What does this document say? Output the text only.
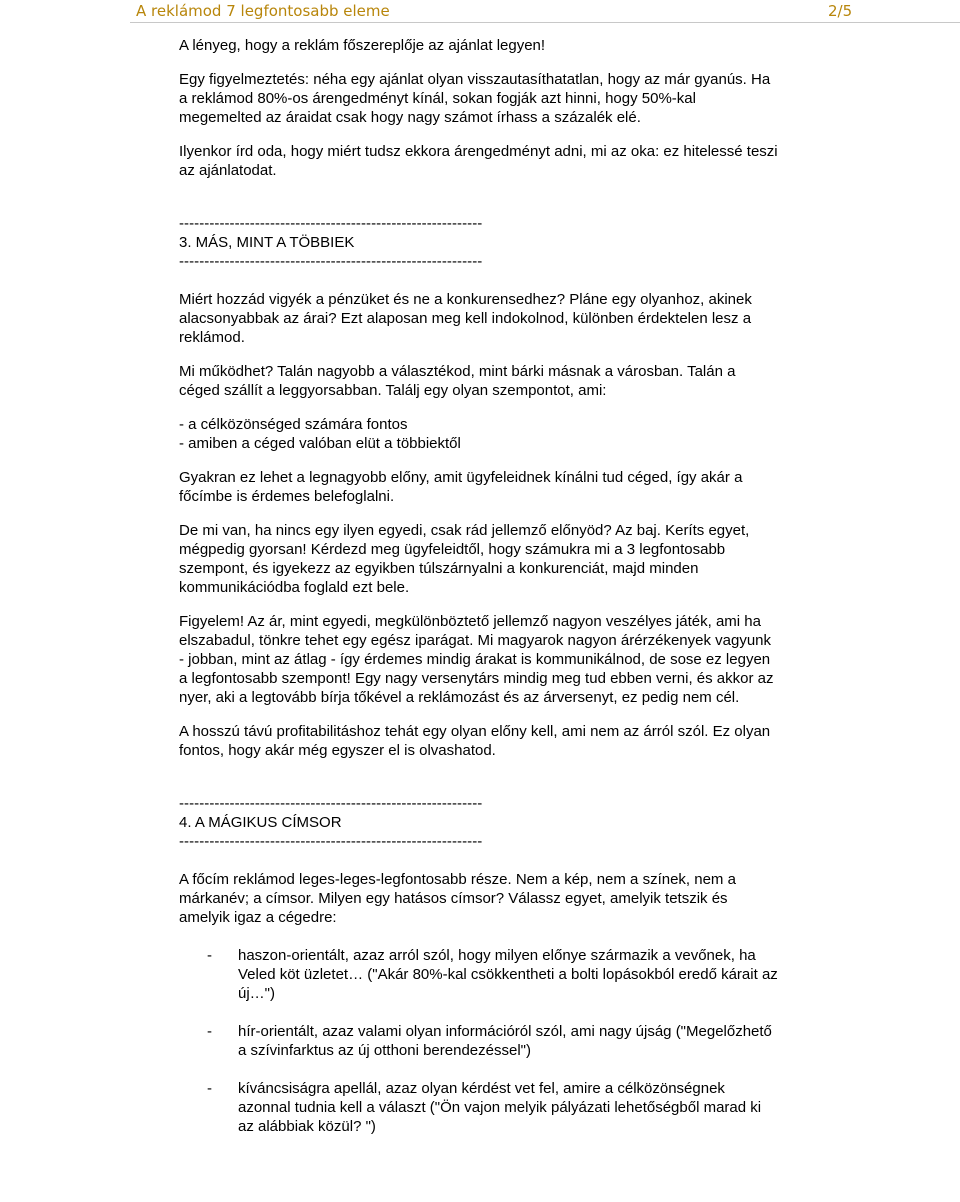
A reklámod 7 legfontosabb eleme	2/5

A lényeg, hogy a reklám főszereplője az ajánlat legyen!

Egy figyelmeztetés: néha egy ajánlat olyan visszautasíthatatlan, hogy az már gyanús. Ha a reklámod 80%-os árengedményt kínál, sokan fogják azt hinni, hogy 50%-kal megemelted az áraidat csak hogy nagy számot írhass a százalék elé.

Ilyenkor írd oda, hogy miért tudsz ekkora árengedményt adni, mi az oka: ez hitelessé teszi az ajánlatodat.

------------------------------------------------------------

3. MÁS, MINT A TÖBBIEK

------------------------------------------------------------

Miért hozzád vigyék a pénzüket és ne a konkurensedhez? Pláne egy olyanhoz, akinek alacsonyabbak az árai? Ezt alaposan meg kell indokolnod, különben érdektelen lesz a reklámod.

Mi működhet? Talán nagyobb a választékod, mint bárki másnak a városban. Talán a céged szállít a leggyorsabban. Találj egy olyan szempontot, ami:

- a célközönséged számára fontos

- amiben a céged valóban elüt a többiektől

Gyakran ez lehet a legnagyobb előny, amit ügyfeleidnek kínálni tud céged, így akár a főcímbe is érdemes belefoglalni.

De mi van, ha nincs egy ilyen egyedi, csak rád jellemző előnyöd? Az baj. Keríts egyet, mégpedig gyorsan! Kérdezd meg ügyfeleidtől, hogy számukra mi a 3 legfontosabb szempont, és igyekezz az egyikben túlszárnyalni a konkurenciát, majd minden kommunikációdba foglald ezt bele.

Figyelem! Az ár, mint egyedi, megkülönböztető jellemző nagyon veszélyes játék, ami ha elszabadul, tönkre tehet egy egész iparágat. Mi magyarok nagyon árérzékenyek vagyunk - jobban, mint az átlag - így érdemes mindig árakat is kommunikálnod, de sose ez legyen a legfontosabb szempont! Egy nagy versenytárs mindig meg tud ebben verni, és akkor az nyer, aki a legtovább bírja tőkével a reklámozást és az árversenyt, ez pedig nem cél.

A hosszú távú profitabilitáshoz tehát egy olyan előny kell, ami nem az árról szól. Ez olyan fontos, hogy akár még egyszer el is olvashatod.

------------------------------------------------------------

4. A MÁGIKUS CÍMSOR

------------------------------------------------------------

A főcím reklámod leges-leges-legfontosabb része. Nem a kép, nem a színek, nem a márkanév; a címsor. Milyen egy hatásos címsor? Válassz egyet, amelyik tetszik és amelyik igaz a cégedre:

- haszon-orientált, azaz arról szól, hogy milyen előnye származik a vevőnek, ha Veled köt üzletet… ("Akár 80%-kal csökkentheti a bolti lopásokból eredő kárait az új…")
- hír-orientált, azaz valami olyan információról szól, ami nagy újság ("Megelőzhető a szívinfarktus az új otthoni berendezéssel")
- kíváncsiságra apellál, azaz olyan kérdést vet fel, amire a célközönségnek azonnal tudnia kell a választ ("Ön vajon melyik pályázati lehetőségből marad ki az alábbiak közül? ")
